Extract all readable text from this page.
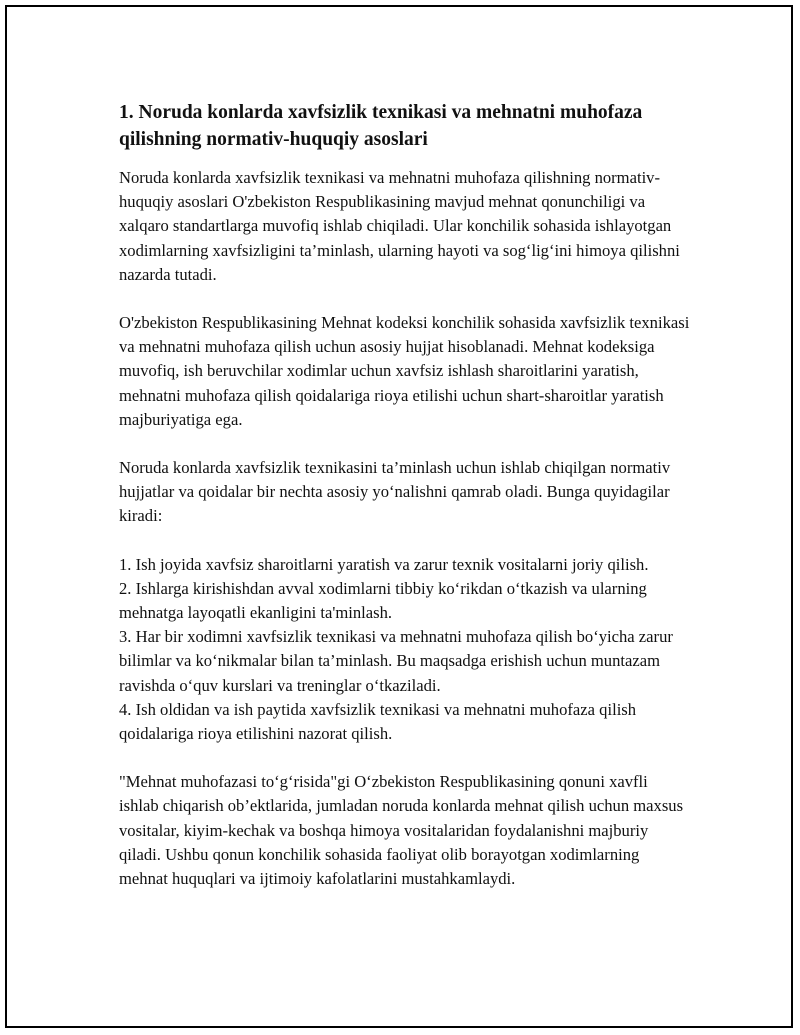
1. Noruda konlarda xavfsizlik texnikasi va mehnatni muhofaza qilishning normativ-huquqiy asoslari

Noruda konlarda xavfsizlik texnikasi va mehnatni muhofaza qilishning normativ-huquqiy asoslari O'zbekiston Respublikasining mavjud mehnat qonunchiligi va xalqaro standartlarga muvofiq ishlab chiqiladi. Ular konchilik sohasida ishlayotgan xodimlarning xavfsizligini ta’minlash, ularning hayoti va sog‘lig‘ini himoya qilishni nazarda tutadi.

O'zbekiston Respublikasining Mehnat kodeksi konchilik sohasida xavfsizlik texnikasi va mehnatni muhofaza qilish uchun asosiy hujjat hisoblanadi. Mehnat kodeksiga muvofiq, ish beruvchilar xodimlar uchun xavfsiz ishlash sharoitlarini yaratish, mehnatni muhofaza qilish qoidalariga rioya etilishi uchun shart-sharoitlar yaratish majburiyatiga ega.

Noruda konlarda xavfsizlik texnikasini ta’minlash uchun ishlab chiqilgan normativ hujjatlar va qoidalar bir nechta asosiy yo‘nalishni qamrab oladi. Bunga quyidagilar kiradi:

1. Ish joyida xavfsiz sharoitlarni yaratish va zarur texnik vositalarni joriy qilish.

2. Ishlarga kirishishdan avval xodimlarni tibbiy ko‘rikdan o‘tkazish va ularning mehnatga layoqatli ekanligini ta'minlash.

3. Har bir xodimni xavfsizlik texnikasi va mehnatni muhofaza qilish bo‘yicha zarur bilimlar va ko‘nikmalar bilan ta’minlash. Bu maqsadga erishish uchun muntazam ravishda o‘quv kurslari va treninglar o‘tkaziladi.

4. Ish oldidan va ish paytida xavfsizlik texnikasi va mehnatni muhofaza qilish qoidalariga rioya etilishini nazorat qilish.

"Mehnat muhofazasi to‘g‘risida"gi O‘zbekiston Respublikasining qonuni xavfli ishlab chiqarish ob’ektlarida, jumladan noruda konlarda mehnat qilish uchun maxsus vositalar, kiyim-kechak va boshqa himoya vositalaridan foydalanishni majburiy qiladi. Ushbu qonun konchilik sohasida faoliyat olib borayotgan xodimlarning mehnat huquqlari va ijtimoiy kafolatlarini mustahkamlaydi.
